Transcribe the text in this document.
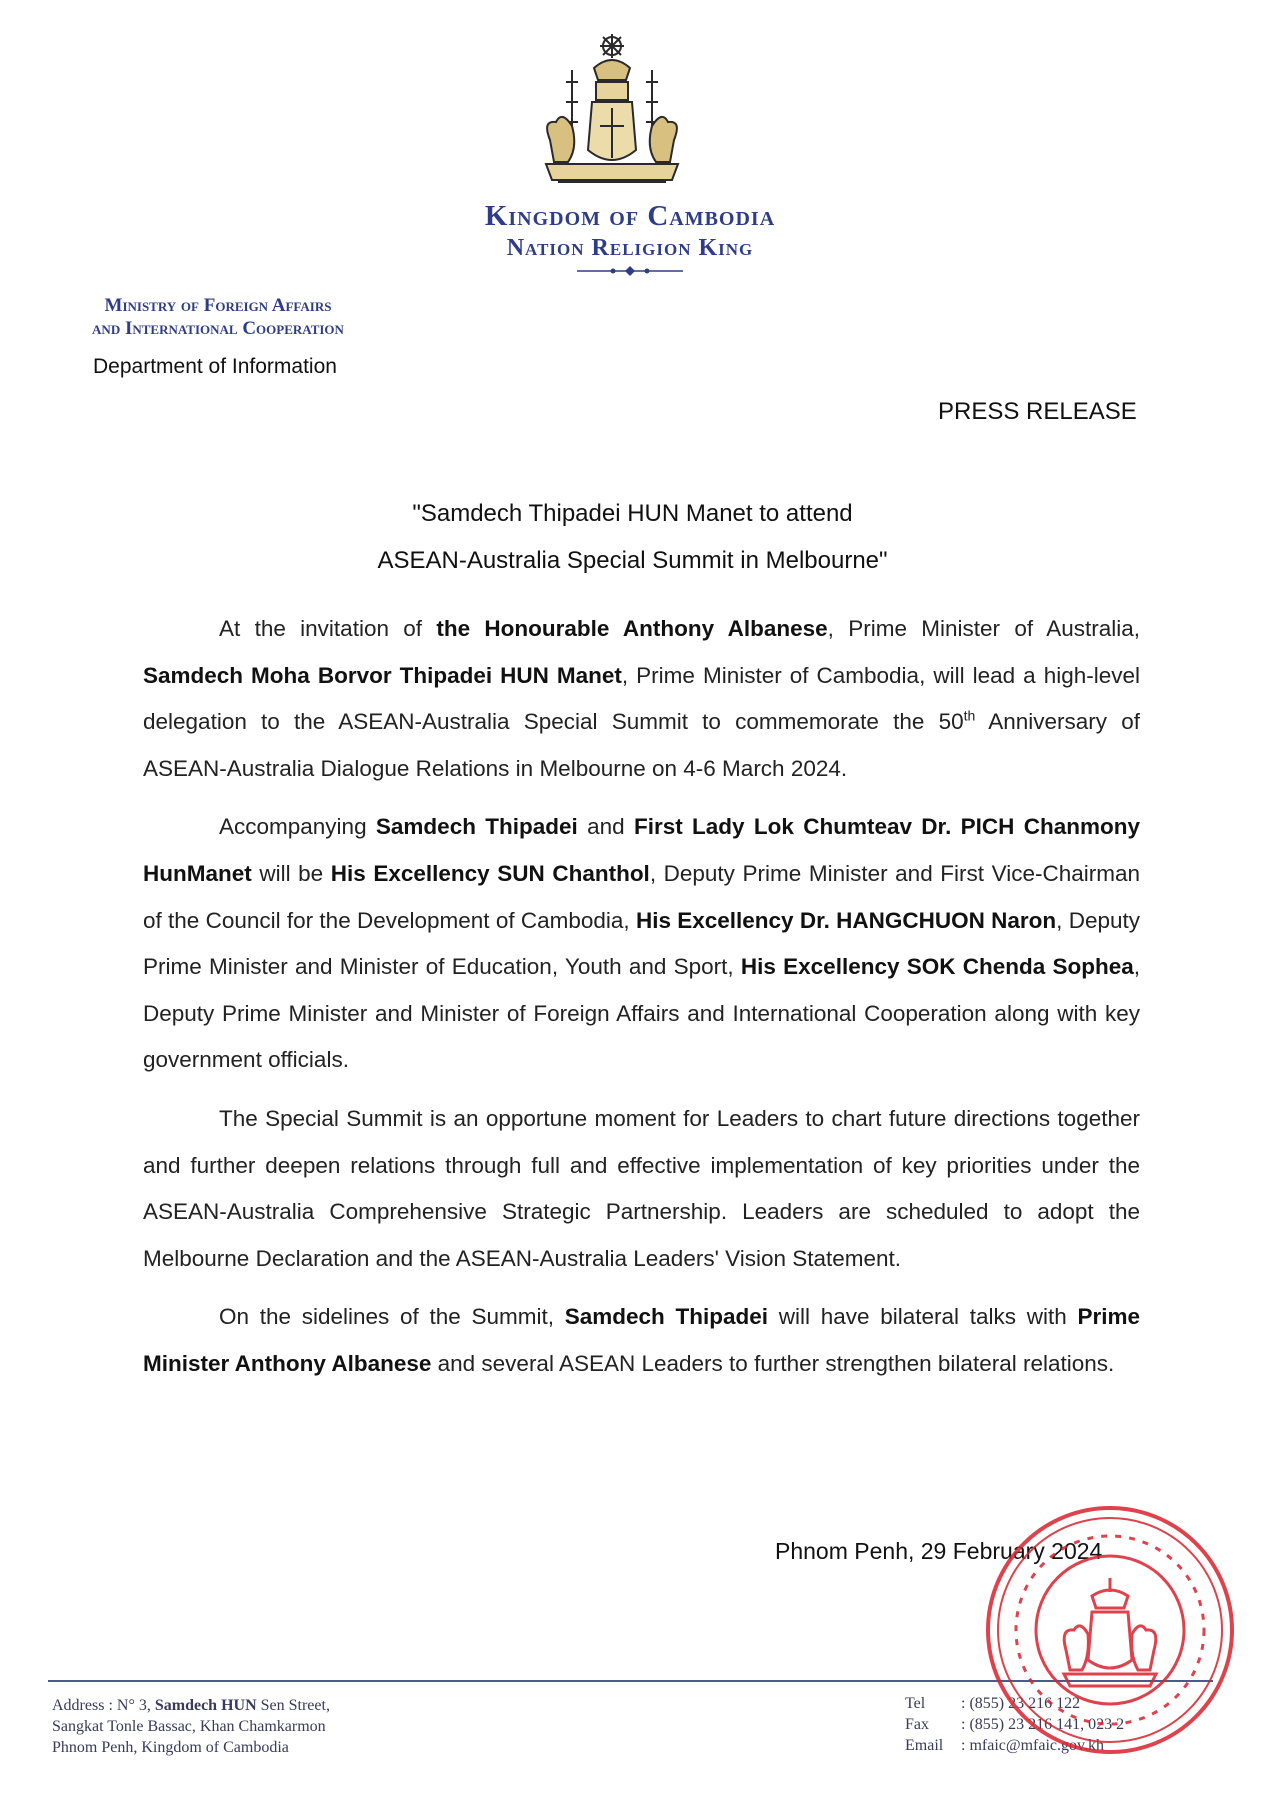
Kingdom of Cambodia
Nation Religion King
Ministry of Foreign Affairs
and International Cooperation
Department of Information
PRESS RELEASE
"Samdech Thipadei HUN Manet to attend
ASEAN-Australia Special Summit in Melbourne"

At the invitation of the Honourable Anthony Albanese, Prime Minister of Australia, Samdech Moha Borvor Thipadei HUN Manet, Prime Minister of Cambodia, will lead a high-level delegation to the ASEAN-Australia Special Summit to commemorate the 50th Anniversary of ASEAN-Australia Dialogue Relations in Melbourne on 4-6 March 2024.

Accompanying Samdech Thipadei and First Lady Lok Chumteav Dr. PICH Chanmony HunManet will be His Excellency SUN Chanthol, Deputy Prime Minister and First Vice-Chairman of the Council for the Development of Cambodia, His Excellency Dr. HANGCHUON Naron, Deputy Prime Minister and Minister of Education, Youth and Sport, His Excellency SOK Chenda Sophea, Deputy Prime Minister and Minister of Foreign Affairs and International Cooperation along with key government officials.

The Special Summit is an opportune moment for Leaders to chart future directions together and further deepen relations through full and effective implementation of key priorities under the ASEAN-Australia Comprehensive Strategic Partnership. Leaders are scheduled to adopt the Melbourne Declaration and the ASEAN-Australia Leaders' Vision Statement.

On the sidelines of the Summit, Samdech Thipadei will have bilateral talks with Prime Minister Anthony Albanese and several ASEAN Leaders to further strengthen bilateral relations.

Phnom Penh, 29 February 2024
Address : N° 3, Samdech HUN Sen Street,
Sangkat Tonle Bassac, Khan Chamkarmon
Phnom Penh, Kingdom of Cambodia
Tel : (855) 23 216 122
Fax : (855) 23 216 141, 023 2
Email : mfaic@mfaic.gov.kh
